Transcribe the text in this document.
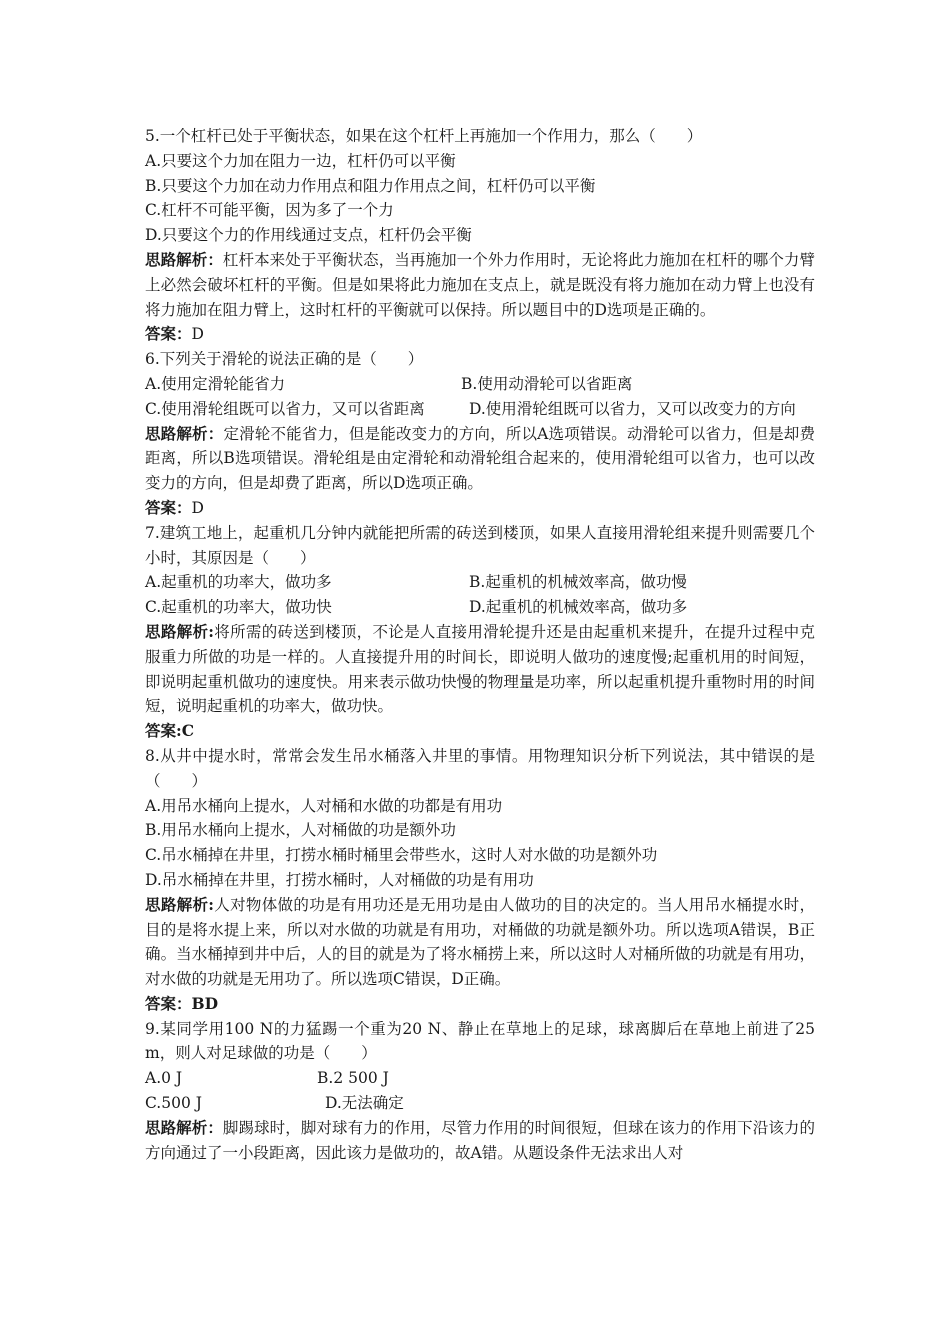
5.一个杠杆已处于平衡状态，如果在这个杠杆上再施加一个作用力，那么（　　）
A.只要这个力加在阻力一边，杠杆仍可以平衡
B.只要这个力加在动力作用点和阻力作用点之间，杠杆仍可以平衡
C.杠杆不可能平衡，因为多了一个力
D.只要这个力的作用线通过支点，杠杆仍会平衡
思路解析：杠杆本来处于平衡状态，当再施加一个外力作用时，无论将此力施加在杠杆的哪个力臂上必然会破坏杠杆的平衡。但是如果将此力施加在支点上，就是既没有将力施加在动力臂上也没有将力施加在阻力臂上，这时杠杆的平衡就可以保持。所以题目中的D选项是正确的。
答案：D
6.下列关于滑轮的说法正确的是（　　）
A.使用定滑轮能省力	B.使用动滑轮可以省距离
C.使用滑轮组既可以省力，又可以省距离	D.使用滑轮组既可以省力，又可以改变力的方向
思路解析：定滑轮不能省力，但是能改变力的方向，所以A选项错误。动滑轮可以省力，但是却费距离，所以B选项错误。滑轮组是由定滑轮和动滑轮组合起来的，使用滑轮组可以省力，也可以改变力的方向，但是却费了距离，所以D选项正确。
答案：D
7.建筑工地上，起重机几分钟内就能把所需的砖送到楼顶，如果人直接用滑轮组来提升则需要几个小时，其原因是（　　）
A.起重机的功率大，做功多	B.起重机的机械效率高，做功慢
C.起重机的功率大，做功快	D.起重机的机械效率高，做功多
思路解析:将所需的砖送到楼顶，不论是人直接用滑轮提升还是由起重机来提升，在提升过程中克服重力所做的功是一样的。人直接提升用的时间长，即说明人做功的速度慢;起重机用的时间短，即说明起重机做功的速度快。用来表示做功快慢的物理量是功率，所以起重机提升重物时用的时间短，说明起重机的功率大，做功快。
答案:C
8.从井中提水时，常常会发生吊水桶落入井里的事情。用物理知识分析下列说法，其中错误的是（　　）
A.用吊水桶向上提水，人对桶和水做的功都是有用功
B.用吊水桶向上提水，人对桶做的功是额外功
C.吊水桶掉在井里，打捞水桶时桶里会带些水，这时人对水做的功是额外功
D.吊水桶掉在井里，打捞水桶时，人对桶做的功是有用功
思路解析:人对物体做的功是有用功还是无用功是由人做功的目的决定的。当人用吊水桶提水时，目的是将水提上来，所以对水做的功就是有用功，对桶做的功就是额外功。所以选项A错误，B正确。当水桶掉到井中后，人的目的就是为了将水桶捞上来，所以这时人对桶所做的功就是有用功，对水做的功就是无用功了。所以选项C错误，D正确。
答案：BD
9.某同学用100 N的力猛踢一个重为20 N、静止在草地上的足球，球离脚后在草地上前进了25 m，则人对足球做的功是（　　）
A.0 J	B.2 500 J
C.500 J	D.无法确定
思路解析：脚踢球时，脚对球有力的作用，尽管力作用的时间很短，但球在该力的作用下沿该力的方向通过了一小段距离，因此该力是做功的，故A错。从题设条件无法求出人对
